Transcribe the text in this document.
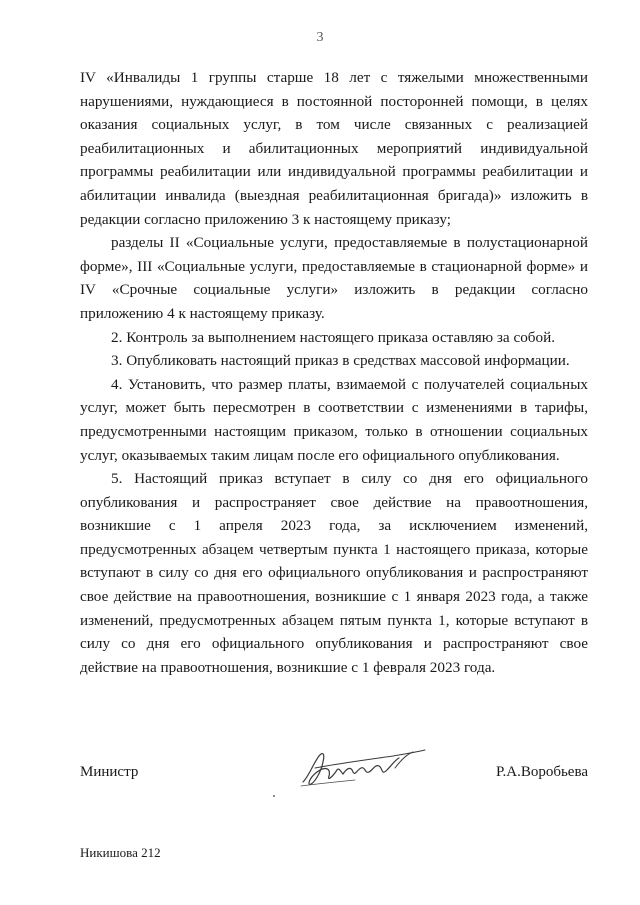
3

IV «Инвалиды 1 группы старше 18 лет с тяжелыми множественными нарушениями, нуждающиеся в постоянной посторонней помощи, в целях оказания социальных услуг, в том числе связанных с реализацией реабилитационных и абилитационных мероприятий индивидуальной программы реабилитации или индивидуальной программы реабилитации и абилитации инвалида (выездная реабилитационная бригада)» изложить в редакции согласно приложению 3 к настоящему приказу;

разделы II «Социальные услуги, предоставляемые в полустационарной форме», III «Социальные услуги, предоставляемые в стационарной форме» и IV «Срочные социальные услуги» изложить в редакции согласно приложению 4 к настоящему приказу.

2. Контроль за выполнением настоящего приказа оставляю за собой.

3. Опубликовать настоящий приказ в средствах массовой информации.

4. Установить, что размер платы, взимаемой с получателей социальных услуг, может быть пересмотрен в соответствии с изменениями в тарифы, предусмотренными настоящим приказом, только в отношении социальных услуг, оказываемых таким лицам после его официального опубликования.

5. Настоящий приказ вступает в силу со дня его официального опубликования и распространяет свое действие на правоотношения, возникшие с 1 апреля 2023 года, за исключением изменений, предусмотренных абзацем четвертым пункта 1 настоящего приказа, которые вступают в силу со дня его официального опубликования и распространяют свое действие на правоотношения, возникшие с 1 января 2023 года, а также изменений, предусмотренных абзацем пятым пункта 1, которые вступают в силу со дня его официального опубликования и распространяют свое действие на правоотношения, возникшие с 1 февраля 2023 года.

Министр	Р.А.Воробьева
Никишова 212
